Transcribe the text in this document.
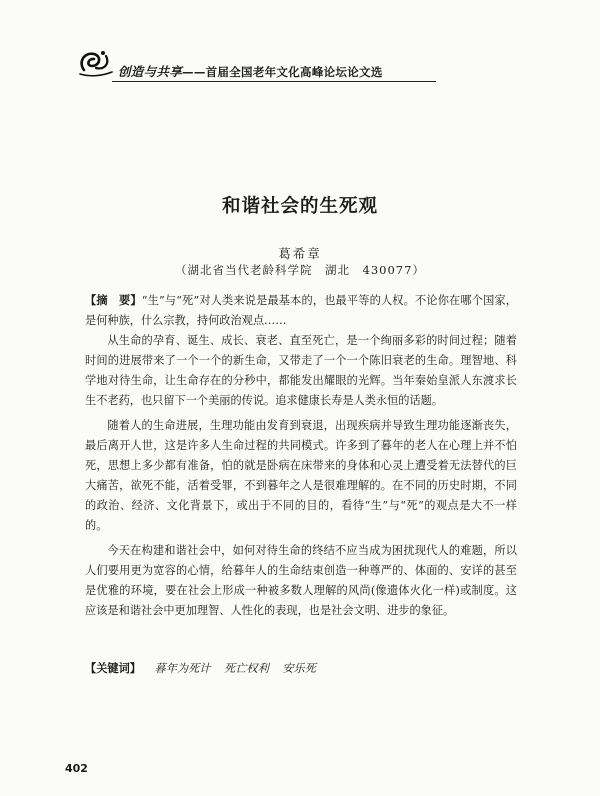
创造与共享——首届全国老年文化高峰论坛论文选
和谐社会的生死观
葛希章
（湖北省当代老龄科学院　湖北　430077）

【摘　要】“生”与“死”对人类来说是最基本的，也最平等的人权。不论你在哪个国家，是何种族，什么宗教，持何政治观点……

从生命的孕育、诞生、成长、衰老、直至死亡，是一个绚丽多彩的时间过程；随着时间的进展带来了一个一个的新生命，又带走了一个一个陈旧衰老的生命。理智地、科学地对待生命，让生命存在的分秒中，都能发出耀眼的光辉。当年秦始皇派人东渡求长生不老药，也只留下一个美丽的传说。追求健康长寿是人类永恒的话题。

随着人的生命进展，生理功能由发育到衰退，出现疾病并导致生理功能逐渐丧失，最后离开人世，这是许多人生命过程的共同模式。许多到了暮年的老人在心理上并不怕死，思想上多少都有准备，怕的就是卧病在床带来的身体和心灵上遭受着无法替代的巨大痛苦，欲死不能，活着受罪，不到暮年之人是很难理解的。在不同的历史时期，不同的政治、经济、文化背景下，或出于不同的目的，看待“生”与“死”的观点是大不一样的。

今天在构建和谐社会中，如何对待生命的终结不应当成为困扰现代人的难题，所以人们要用更为宽容的心情，给暮年人的生命结束创造一种尊严的、体面的、安详的甚至是优雅的环境，要在社会上形成一种被多数人理解的风尚(像遗体火化一样)或制度。这应该是和谐社会中更加理智、人性化的表现，也是社会文明、进步的象征。

【关键词】 暮年为死计 死亡权利 安乐死
402
